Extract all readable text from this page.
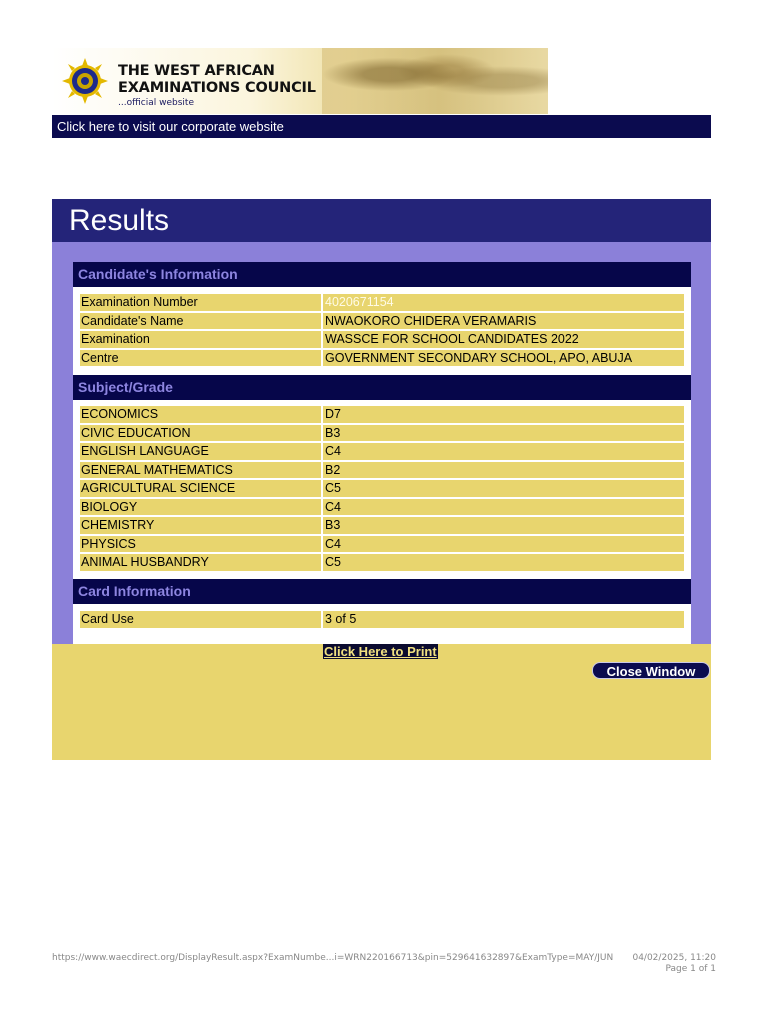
THE WEST AFRICAN EXAMINATIONS COUNCIL
...official website
Click here to visit our corporate website
Results
Candidate's Information
Examination Number	4020671154
Candidate's Name	NWAOKORO CHIDERA VERAMARIS
Examination	WASSCE FOR SCHOOL CANDIDATES 2022
Centre	GOVERNMENT SECONDARY SCHOOL, APO, ABUJA
Subject/Grade
ECONOMICS	D7
CIVIC EDUCATION	B3
ENGLISH LANGUAGE	C4
GENERAL MATHEMATICS	B2
AGRICULTURAL SCIENCE	C5
BIOLOGY	C4
CHEMISTRY	B3
PHYSICS	C4
ANIMAL HUSBANDRY	C5
Card Information
Card Use	3 of 5
Click Here to Print
Close Window
https://www.waecdirect.org/DisplayResult.aspx?ExamNumbe...i=WRN220166713&pin=529641632897&ExamType=MAY/JUN 04/02/2025, 11:20
Page 1 of 1
